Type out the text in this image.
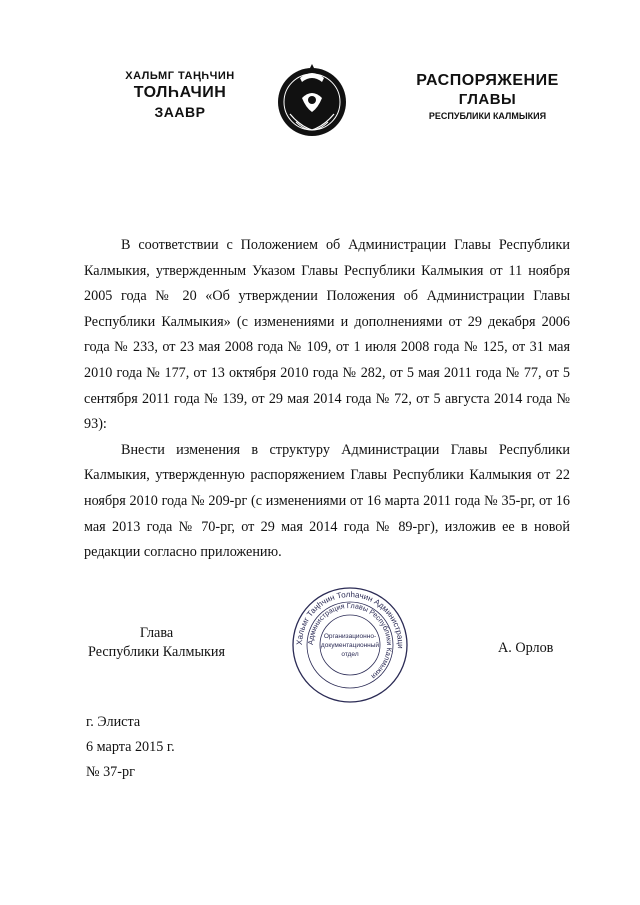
ХАЛЬМГ ТАҢҺЧИН
ТОЛҺАЧИН
ЗААВР
РАСПОРЯЖЕНИЕ
ГЛАВЫ
РЕСПУБЛИКИ КАЛМЫКИЯ

В соответствии с Положением об Администрации Главы Республики Калмыкия, утвержденным Указом Главы Республики Калмыкия от 11 ноября 2005 года № 20 «Об утверждении Положения об Администрации Главы Республики Калмыкия» (с изменениями и дополнениями от 29 декабря 2006 года № 233, от 23 мая 2008 года № 109, от 1 июля 2008 года № 125, от 31 мая 2010 года № 177, от 13 октября 2010 года № 282, от 5 мая 2011 года № 77, от 5 сентября 2011 года № 139, от 29 мая 2014 года № 72, от 5 августа 2014 года № 93):

Внести изменения в структуру Администрации Главы Республики Калмыкия, утвержденную распоряжением Главы Республики Калмыкия от 22 ноября 2010 года № 209-рг (с изменениями от 16 марта 2011 года № 35-рг, от 16 мая 2013 года № 70-рг, от 29 мая 2014 года № 89-рг), изложив ее в новой редакции согласно приложению.

Глава
Республики Калмыкия
Хальмг Таңһчин Толһачин Администраци
Администрация Главы Республики Калмыкия
Организационно-
документационный
отдел	А. Орлов
г. Элиста
6 марта 2015 г.
№ 37-рг
